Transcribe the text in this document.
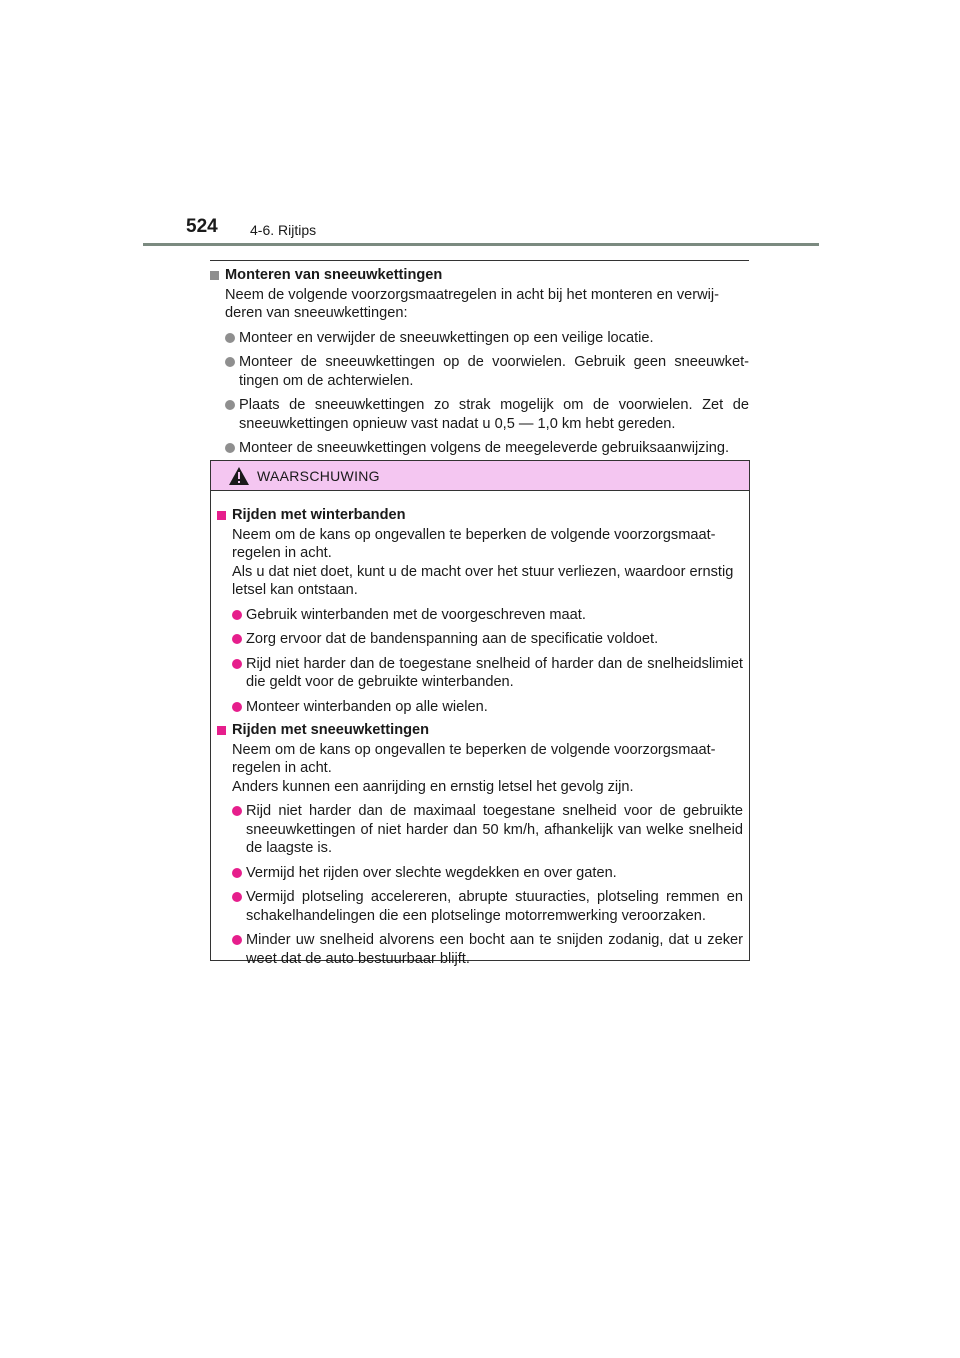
524 4-6. Rijtips
Monteren van sneeuwkettingen
Neem de volgende voorzorgsmaatregelen in acht bij het monteren en verwijderen van sneeuwkettingen:
Monteer en verwijder de sneeuwkettingen op een veilige locatie.
Monteer de sneeuwkettingen op de voorwielen. Gebruik geen sneeuwkettingen om de achterwielen.
Plaats de sneeuwkettingen zo strak mogelijk om de voorwielen. Zet de sneeuwkettingen opnieuw vast nadat u 0,5 — 1,0 km hebt gereden.
Monteer de sneeuwkettingen volgens de meegeleverde gebruiksaanwijzing.
WAARSCHUWING
Rijden met winterbanden
Neem om de kans op ongevallen te beperken de volgende voorzorgsmaatregelen in acht.
Als u dat niet doet, kunt u de macht over het stuur verliezen, waardoor ernstig letsel kan ontstaan.
Gebruik winterbanden met de voorgeschreven maat.
Zorg ervoor dat de bandenspanning aan de specificatie voldoet.
Rijd niet harder dan de toegestane snelheid of harder dan de snelheidslimiet die geldt voor de gebruikte winterbanden.
Monteer winterbanden op alle wielen.
Rijden met sneeuwkettingen
Neem om de kans op ongevallen te beperken de volgende voorzorgsmaatregelen in acht.
Anders kunnen een aanrijding en ernstig letsel het gevolg zijn.
Rijd niet harder dan de maximaal toegestane snelheid voor de gebruikte sneeuwkettingen of niet harder dan 50 km/h, afhankelijk van welke snelheid de laagste is.
Vermijd het rijden over slechte wegdekken en over gaten.
Vermijd plotseling accelereren, abrupte stuuracties, plotseling remmen en schakelhandelingen die een plotselinge motorremwerking veroorzaken.
Minder uw snelheid alvorens een bocht aan te snijden zodanig, dat u zeker weet dat de auto bestuurbaar blijft.
